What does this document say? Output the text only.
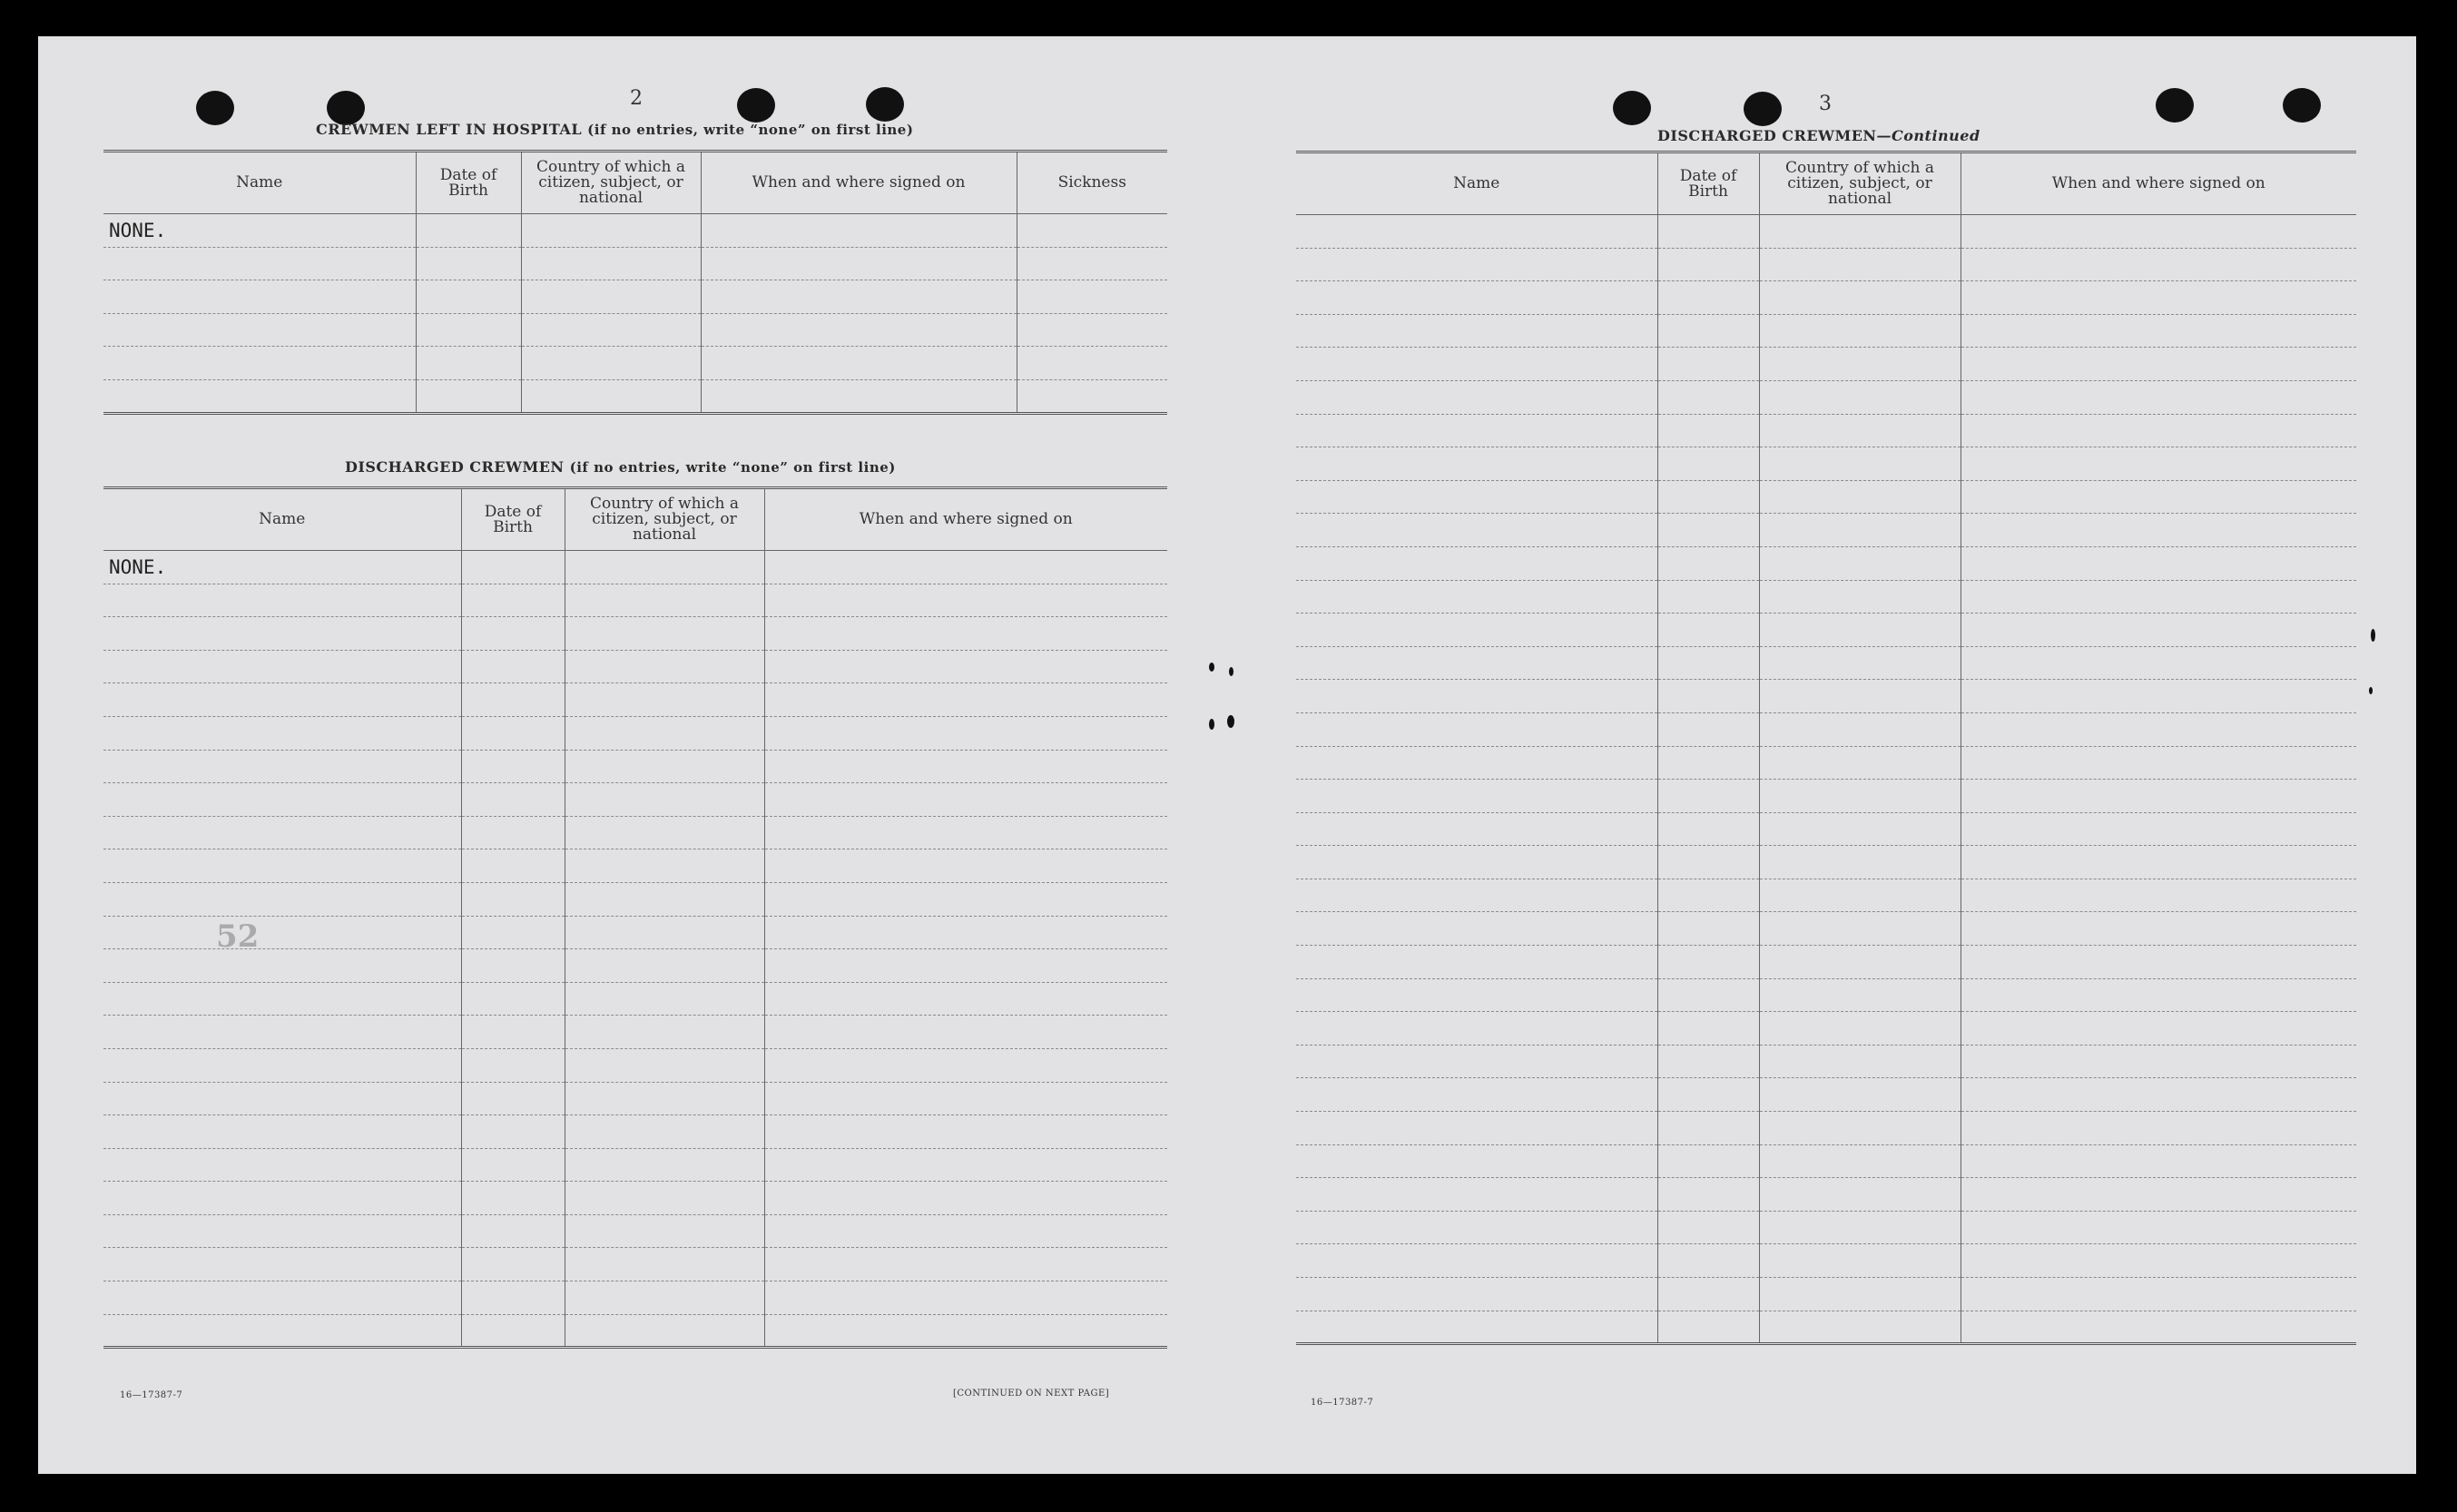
52
2
CREWMEN LEFT IN HOSPITAL (if no entries, write “none” on first line)
Name	Date of Birth	Country of which a citizen, subject, or national	When and where signed on	Sickness
NONE.				

DISCHARGED CREWMEN (if no entries, write “none” on first line)
Name	Date of Birth	Country of which a citizen, subject, or national	When and where signed on
NONE.			

16—17387-7	[CONTINUED ON NEXT PAGE]
3
DISCHARGED CREWMEN—Continued
Name	Date of Birth	Country of which a citizen, subject, or national	When and where signed on

16—17387-7
